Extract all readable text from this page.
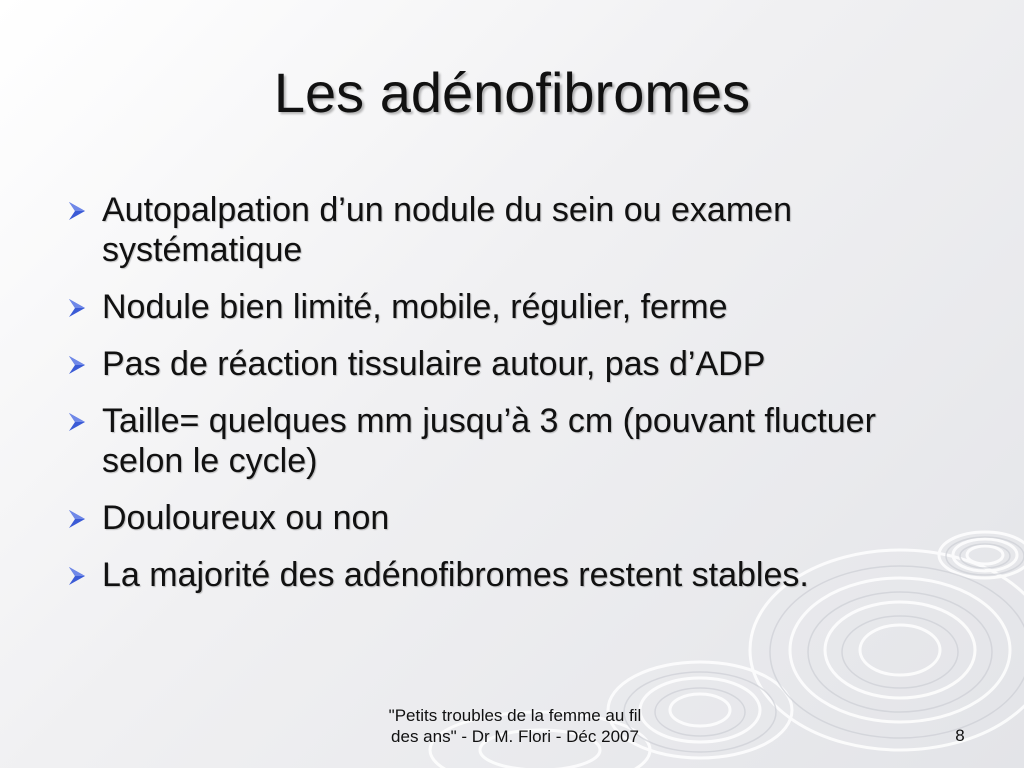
Les adénofibromes
Autopalpation d’un nodule du sein ou examen systématique
Nodule bien limité, mobile, régulier, ferme
Pas de réaction tissulaire autour, pas d’ADP
Taille= quelques mm jusqu’à 3 cm (pouvant fluctuer selon le cycle)
Douloureux ou non
La majorité des adénofibromes restent stables.
"Petits troubles de la femme au fil
des ans" - Dr M. Flori - Déc 2007	8
